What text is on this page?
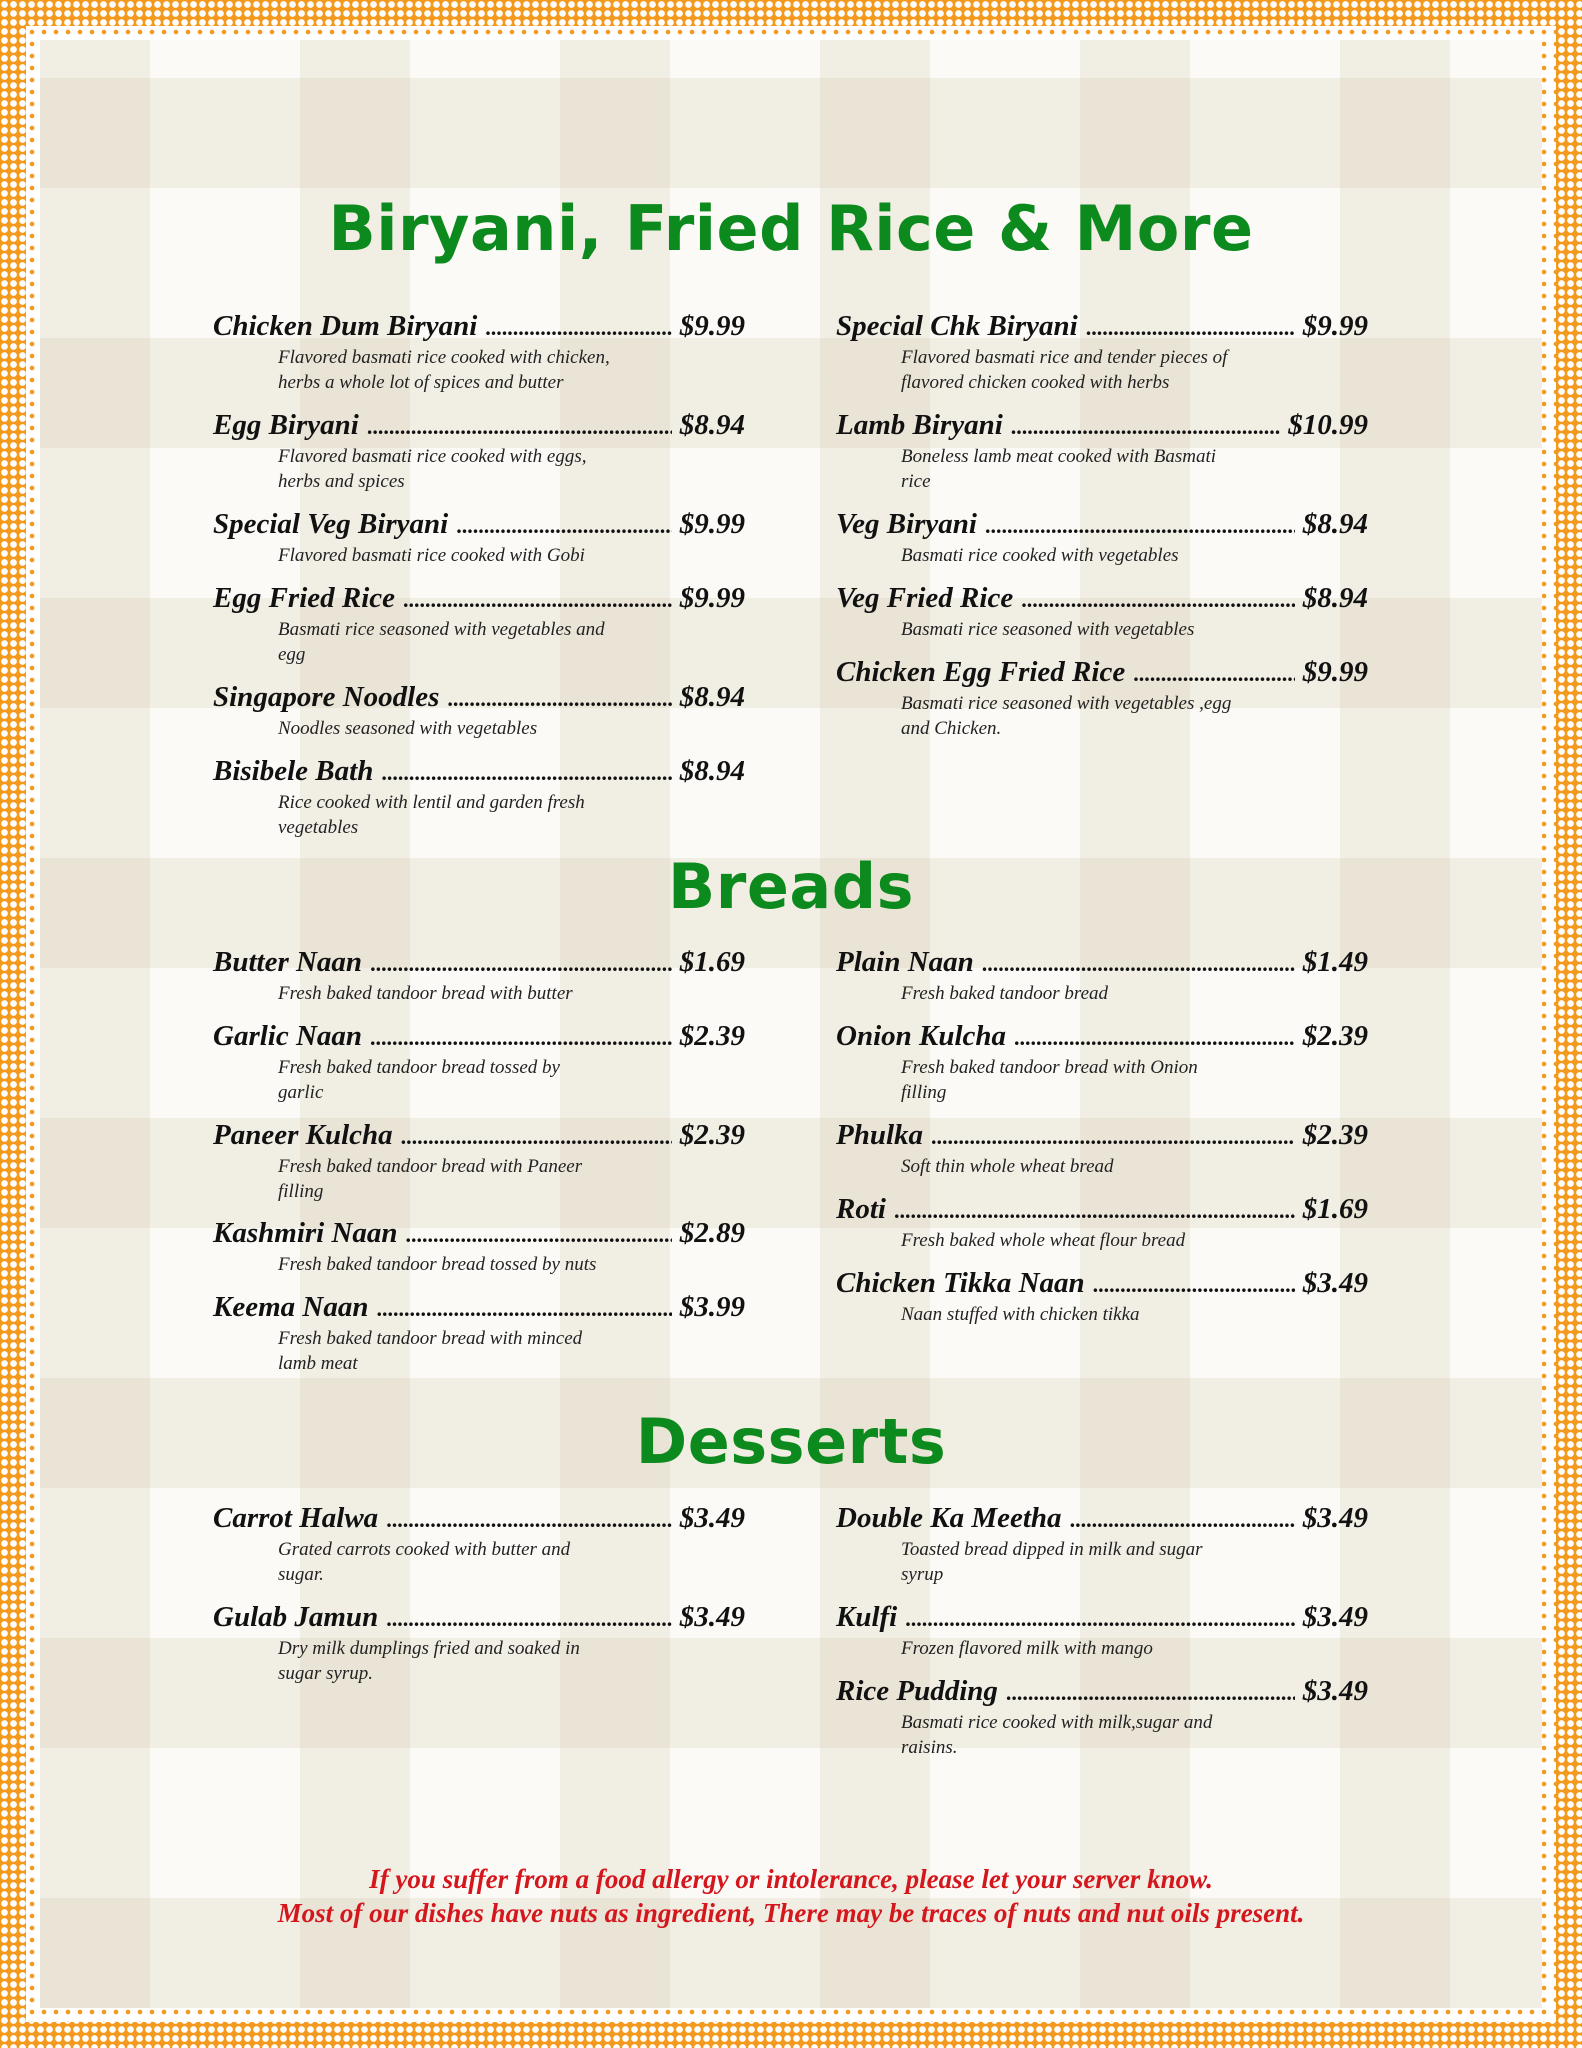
Biryani, Fried Rice & More
Chicken Dum Biryani .....	$9.99
Flavored basmati rice cooked with chicken,
herbs a whole lot of spices and butter
Egg Biryani .....	$8.94
Flavored basmati rice cooked with eggs,
herbs and spices
Special Veg Biryani .....	$9.99
Flavored basmati rice cooked with Gobi
Egg Fried Rice .....	$9.99
Basmati rice seasoned with vegetables and
egg
Singapore Noodles .....	$8.94
Noodles seasoned with vegetables
Bisibele Bath .....	$8.94
Rice cooked with lentil and garden fresh
vegetables
Special Chk Biryani .....	$9.99
Flavored basmati rice and tender pieces of
flavored chicken cooked with herbs
Lamb Biryani .....	$10.99
Boneless lamb meat cooked with Basmati
rice
Veg Biryani .....	$8.94
Basmati rice cooked with vegetables
Veg Fried Rice .....	$8.94
Basmati rice seasoned with vegetables
Chicken Egg Fried Rice .....	$9.99
Basmati rice seasoned with vegetables ,egg
and Chicken.
Breads
Butter Naan .....	$1.69
Fresh baked tandoor bread with butter
Garlic Naan .....	$2.39
Fresh baked tandoor bread tossed by
garlic
Paneer Kulcha .....	$2.39
Fresh baked tandoor bread with Paneer
filling
Kashmiri Naan .....	$2.89
Fresh baked tandoor bread tossed by nuts
Keema Naan .....	$3.99
Fresh baked tandoor bread with minced
lamb meat
Plain Naan .....	$1.49
Fresh baked tandoor bread
Onion Kulcha .....	$2.39
Fresh baked tandoor bread with Onion
filling
Phulka .....	$2.39
Soft thin whole wheat bread
Roti .....	$1.69
Fresh baked whole wheat flour bread
Chicken Tikka Naan .....	$3.49
Naan stuffed with chicken tikka
Desserts
Carrot Halwa .....	$3.49
Grated carrots cooked with butter and
sugar.
Gulab Jamun .....	$3.49
Dry milk dumplings fried and soaked in
sugar syrup.
Double Ka Meetha .....	$3.49
Toasted bread dipped in milk and sugar
syrup
Kulfi .....	$3.49
Frozen flavored milk with mango
Rice Pudding .....	$3.49
Basmati rice cooked with milk,sugar and
raisins.
If you suffer from a food allergy or intolerance, please let your server know.
Most of our dishes have nuts as ingredient, There may be traces of nuts and nut oils present.
